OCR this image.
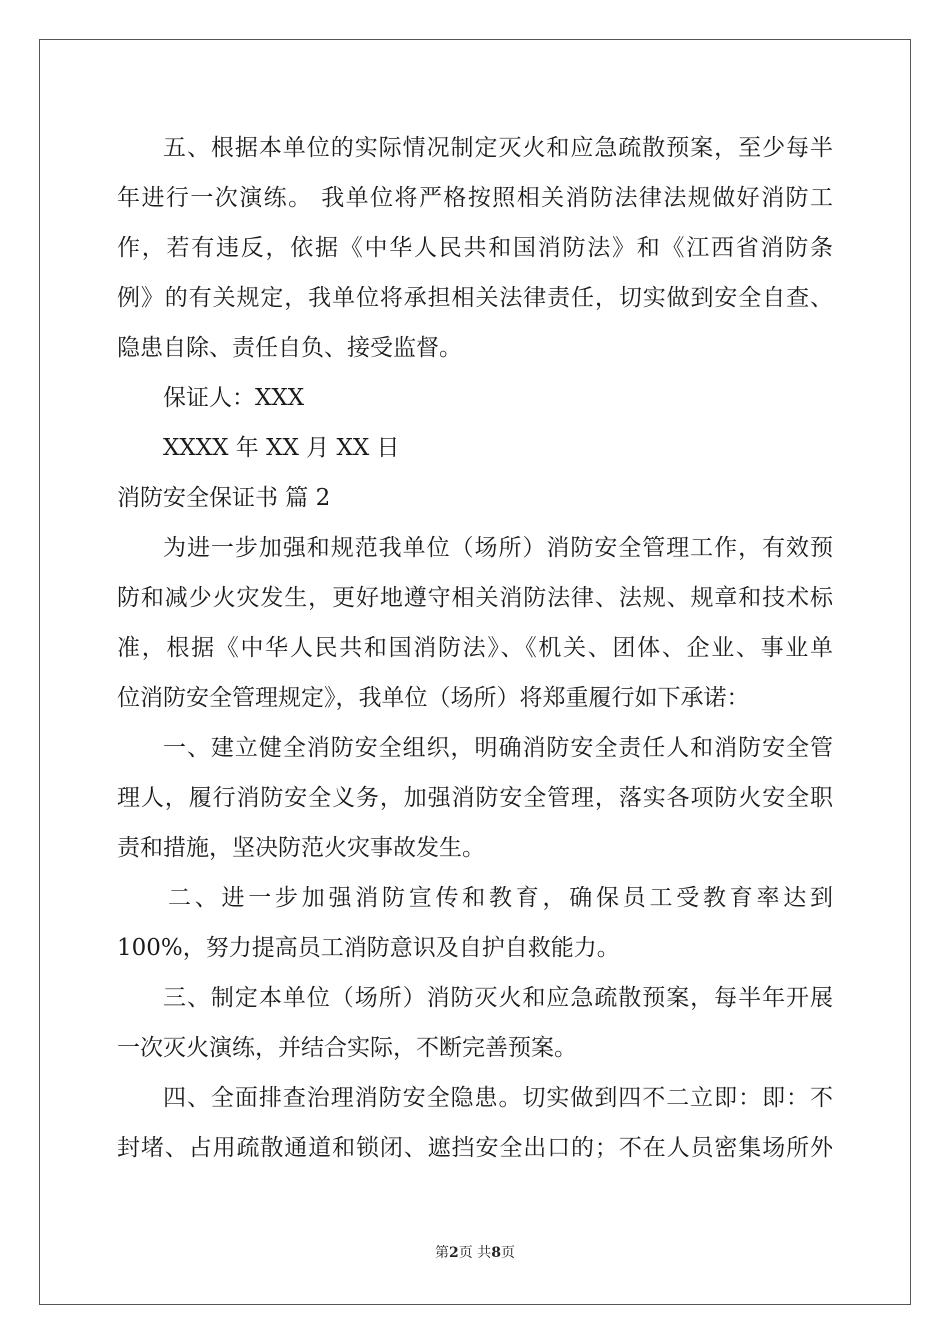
五、根据本单位的实际情况制定灭火和应急疏散预案，至少每半
年进行一次演练。 我单位将严格按照相关消防法律法规做好消防工
作，若有违反，依据《中华人民共和国消防法》和《江西省消防条
例》的有关规定，我单位将承担相关法律责任，切实做到安全自查、
隐患自除、责任自负、接受监督。
保证人：XXX
XXXX 年 XX 月 XX 日
消防安全保证书 篇 2
为进一步加强和规范我单位（场所）消防安全管理工作，有效预
防和减少火灾发生，更好地遵守相关消防法律、法规、规章和技术标
准，根据《中华人民共和国消防法》、《机关、团体、企业、事业单
位消防安全管理规定》，我单位（场所）将郑重履行如下承诺：
一、建立健全消防安全组织，明确消防安全责任人和消防安全管
理人，履行消防安全义务，加强消防安全管理，落实各项防火安全职
责和措施，坚决防范火灾事故发生。
二、进一步加强消防宣传和教育，确保员工受教育率达到
100%，努力提高员工消防意识及自护自救能力。
三、制定本单位（场所）消防灭火和应急疏散预案，每半年开展
一次灭火演练，并结合实际，不断完善预案。
四、全面排查治理消防安全隐患。切实做到四不二立即：即：不
封堵、占用疏散通道和锁闭、遮挡安全出口的；不在人员密集场所外
第2页 共8页
